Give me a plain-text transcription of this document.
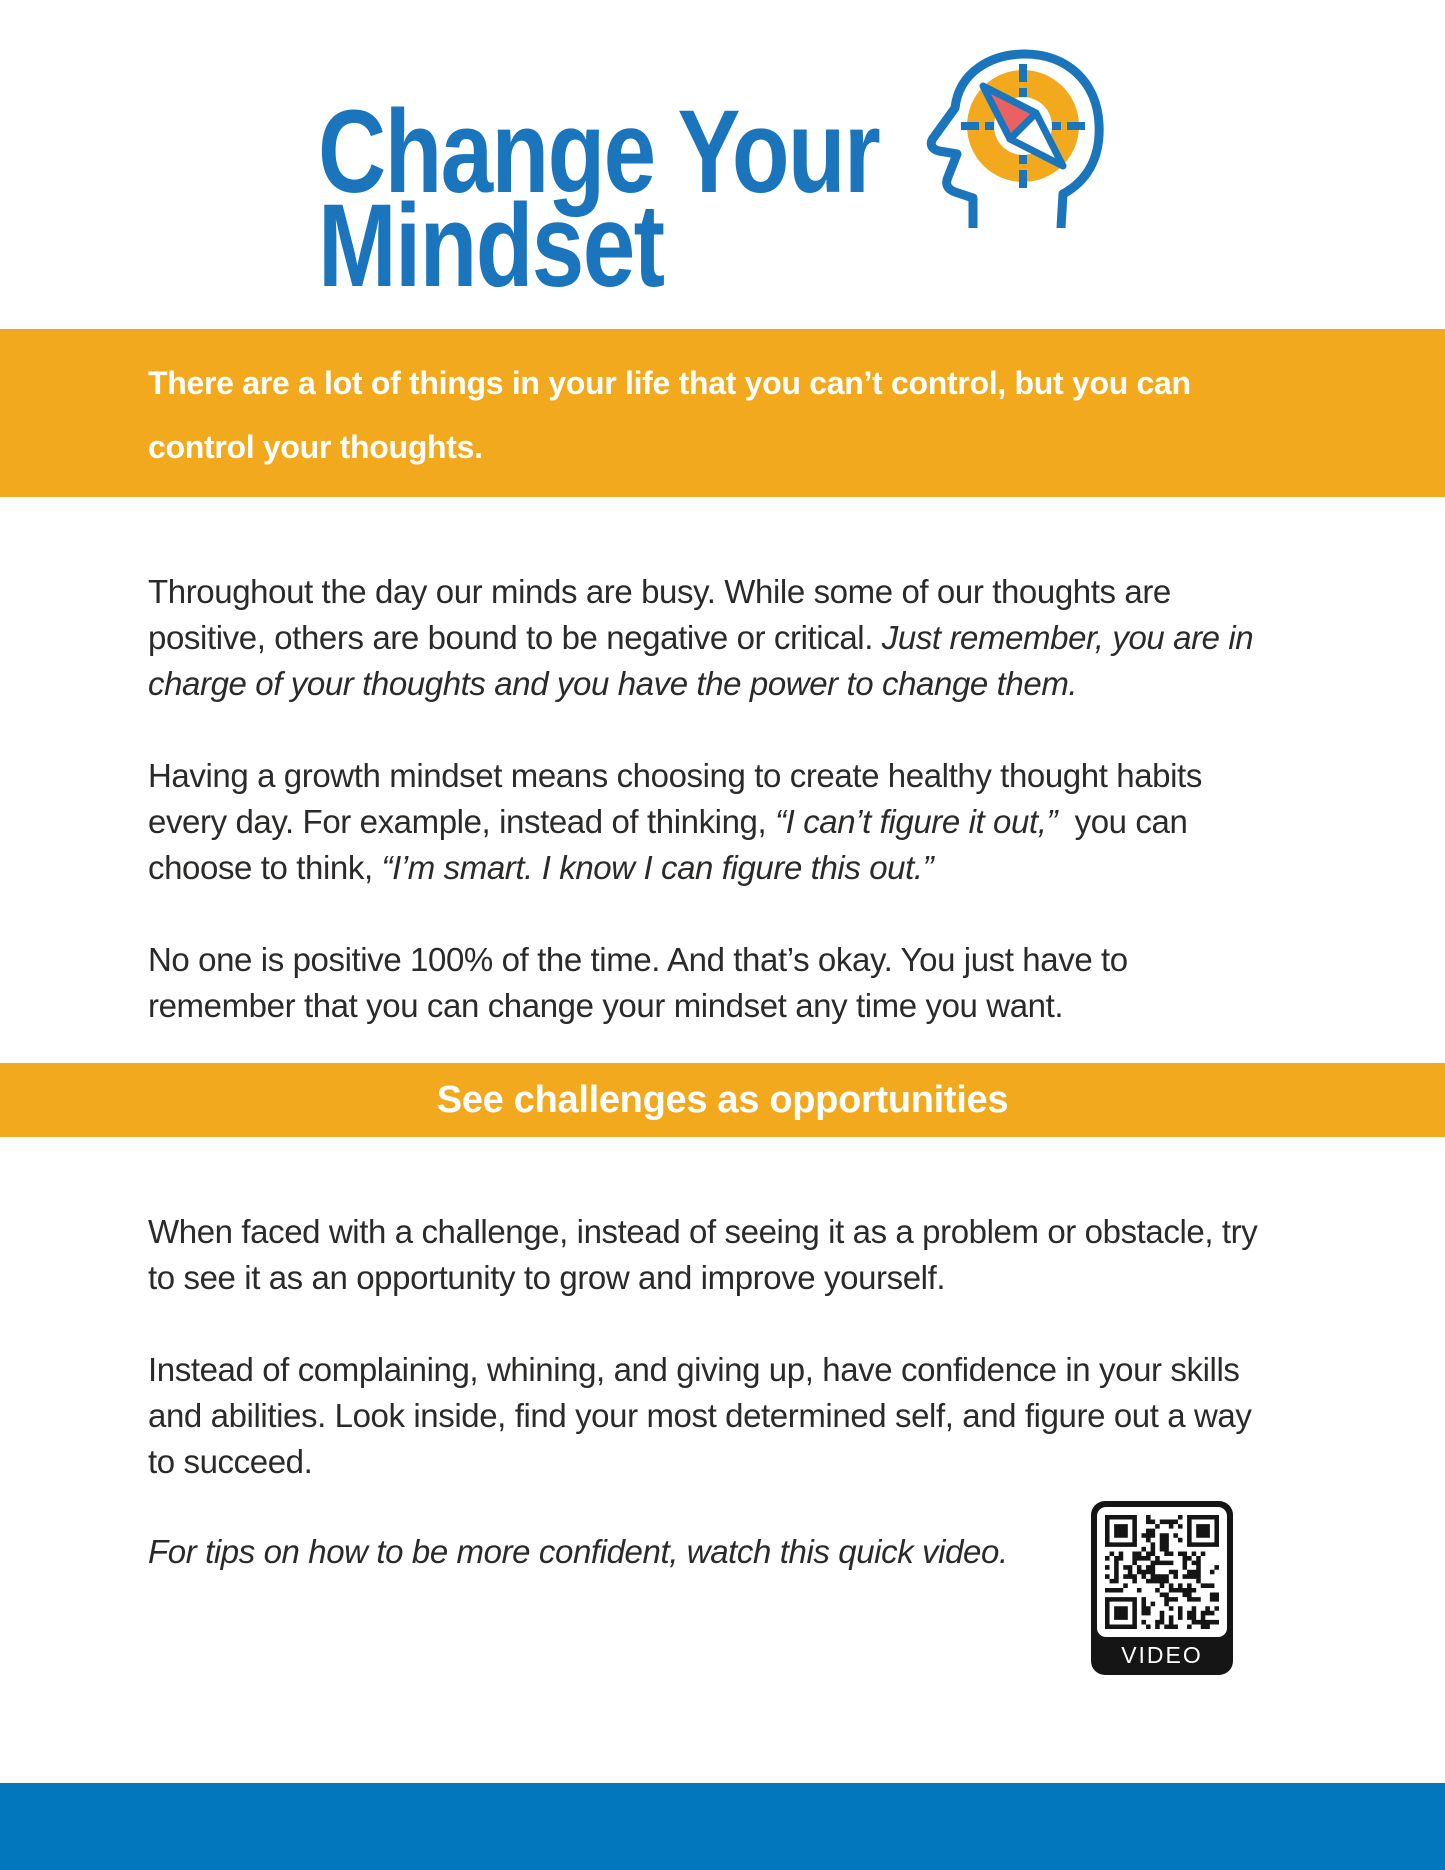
Change Your
Mindset
There are a lot of things in your life that you can’t control, but you can
control your thoughts.

Throughout the day our minds are busy. While some of our thoughts are
positive, others are bound to be negative or critical. Just remember, you are in
charge of your thoughts and you have the power to change them.

Having a growth mindset means choosing to create healthy thought habits
every day. For example, instead of thinking, “I can’t figure it out,”  you can
choose to think, “I’m smart. I know I can figure this out.”

No one is positive 100% of the time. And that’s okay. You just have to
remember that you can change your mindset any time you want.

See challenges as opportunities

When faced with a challenge, instead of seeing it as a problem or obstacle, try
to see it as an opportunity to grow and improve yourself.

Instead of complaining, whining, and giving up, have confidence in your skills
and abilities. Look inside, find your most determined self, and figure out a way
to succeed.

For tips on how to be more confident, watch this quick video.

VIDEO
